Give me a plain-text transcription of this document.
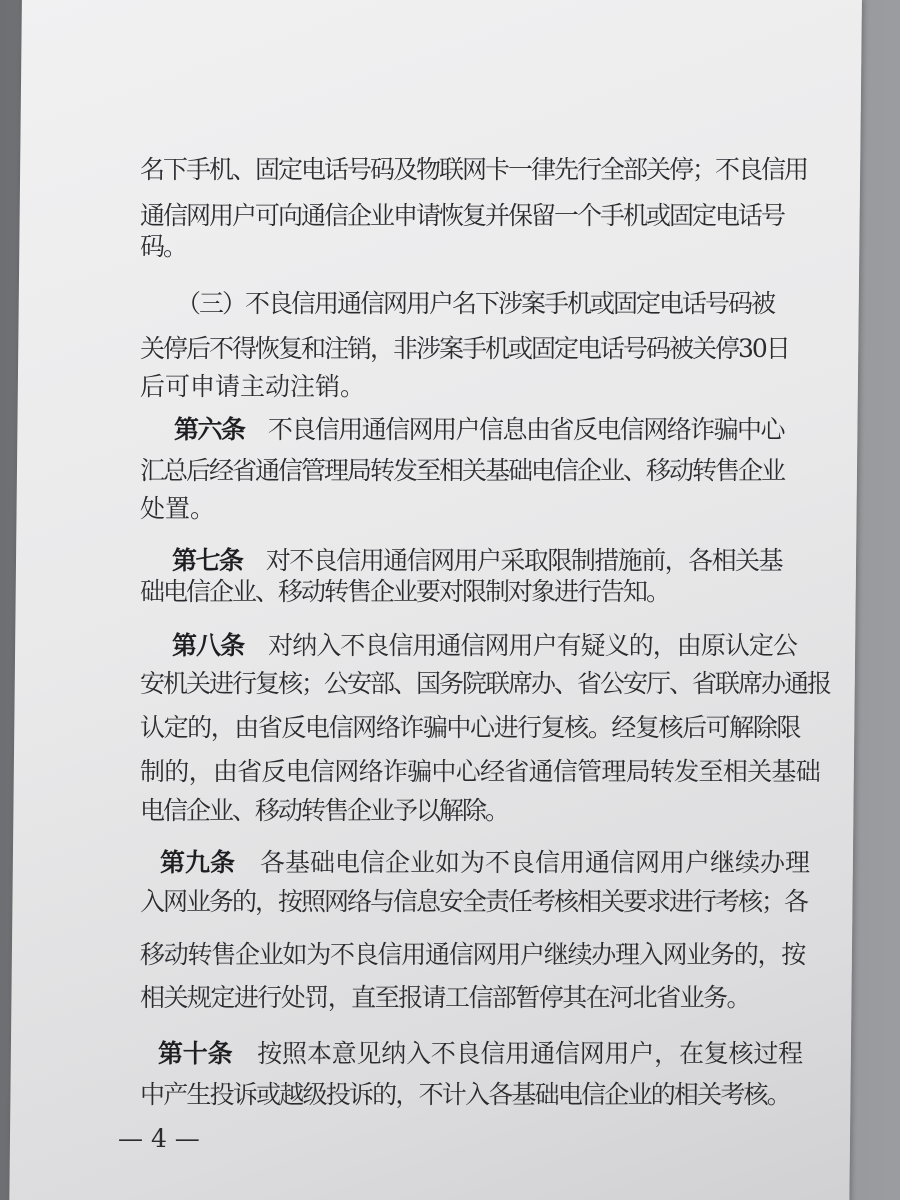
名下手机、固定电话号码及物联网卡一律先行全部关停；不良信用
通信网用户可向通信企业申请恢复并保留一个手机或固定电话号
码。
（三）不良信用通信网用户名下涉案手机或固定电话号码被
关停后不得恢复和注销，非涉案手机或固定电话号码被关停30日
后可申请主动注销。
第六条　不良信用通信网用户信息由省反电信网络诈骗中心
汇总后经省通信管理局转发至相关基础电信企业、移动转售企业
处置。
第七条　对不良信用通信网用户采取限制措施前，各相关基
础电信企业、移动转售企业要对限制对象进行告知。
第八条　对纳入不良信用通信网用户有疑义的，由原认定公
安机关进行复核；公安部、国务院联席办、省公安厅、省联席办通报
认定的，由省反电信网络诈骗中心进行复核。经复核后可解除限
制的，由省反电信网络诈骗中心经省通信管理局转发至相关基础
电信企业、移动转售企业予以解除。
第九条　各基础电信企业如为不良信用通信网用户继续办理
入网业务的，按照网络与信息安全责任考核相关要求进行考核；各
移动转售企业如为不良信用通信网用户继续办理入网业务的，按
相关规定进行处罚，直至报请工信部暂停其在河北省业务。
第十条　按照本意见纳入不良信用通信网用户，在复核过程
中产生投诉或越级投诉的，不计入各基础电信企业的相关考核。
— 4 —
